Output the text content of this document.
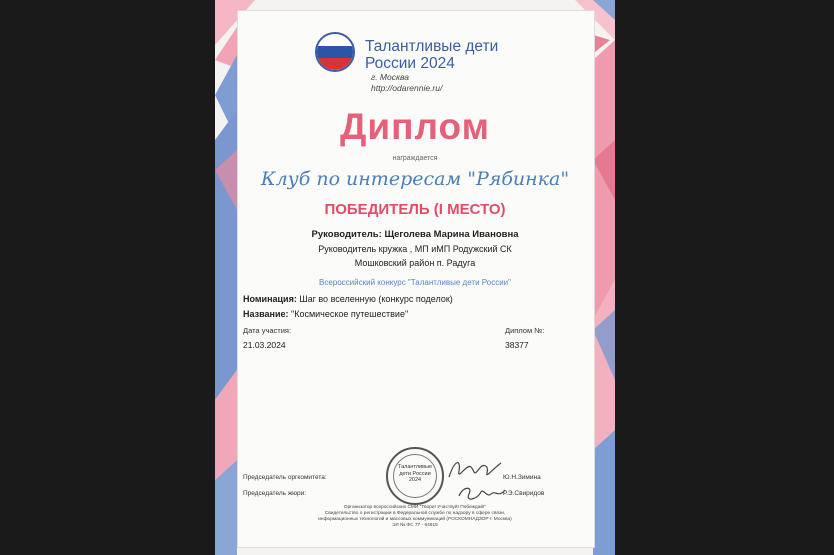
Талантливые дети
России 2024
г. Москва
http://odarennie.ru/
Диплом
награждается
Клуб по интересам "Рябинка"
ПОБЕДИТЕЛЬ (I МЕСТО)
Руководитель: Щеголева Марина Ивановна
Руководитель кружка , МП иМП Родужский СК
Мошковский район п. Радуга
Всероссийский конкурс "Талантливые дети России"
Номинация: Шаг во вселенную (конкурс поделок)
Название: "Космическое путешествие"
Дата участия:
21.03.2024
Диплом №:
38377
Председатель оргкомитета:
Председатель жюри:
Ю.Н.Зимина
Р.Э.Свиридов
Талантливые
дети России
2024
Организатор всероссийских СМИ "Твори! Участвуй! Побеждай!"
Свидетельство о регистрации в Федеральной службе по надзору в сфере связи,
информационных технологий и массовых коммуникаций (РОСКОМНАДЗОР г. Москва)
ЭЛ № ФС 77 - 64915
